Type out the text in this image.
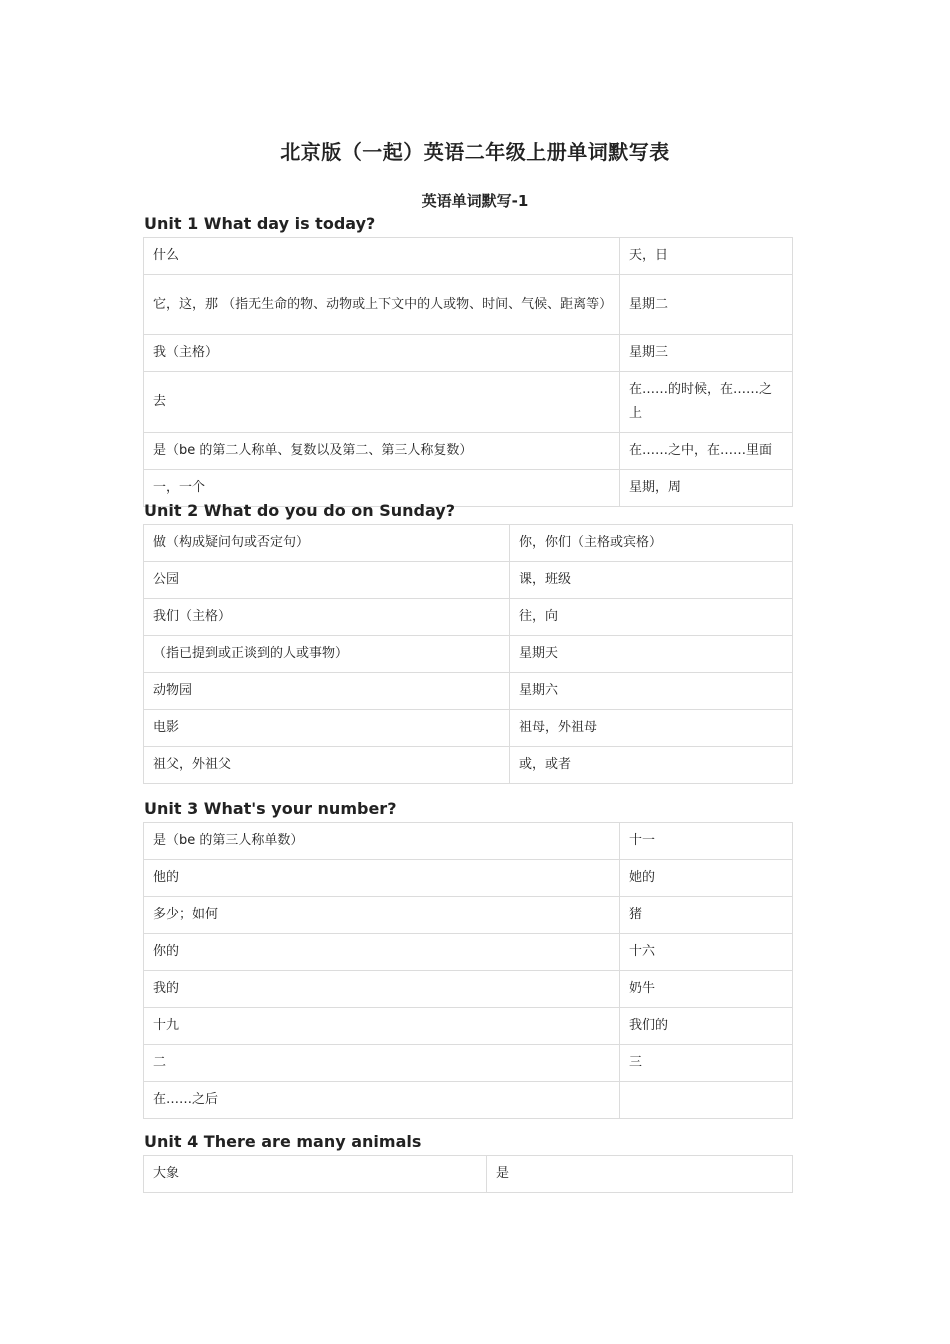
北京版（一起）英语二年级上册单词默写表
英语单词默写-1
Unit 1 What day is today?
什么	天，日
它，这，那 （指无生命的物、动物或上下文中的人或物、时间、气候、距离等）	星期二
我（主格）	星期三
去	在……的时候，在……之上
是（be 的第二人称单、复数以及第二、第三人称复数）	在……之中，在……里面
一，一个	星期，周
Unit 2 What do you do on Sunday?
做（构成疑问句或否定句）	你，你们（主格或宾格）
公园	课，班级
我们（主格）	往，向
（指已提到或正谈到的人或事物）	星期天
动物园	星期六
电影	祖母，外祖母
祖父，外祖父	或，或者
Unit 3 What's your number?
是（be 的第三人称单数）	十一
他的	她的
多少；如何	猪
你的	十六
我的	奶牛
十九	我们的
二	三
在……之后	
Unit 4 There are many animals
大象	是
